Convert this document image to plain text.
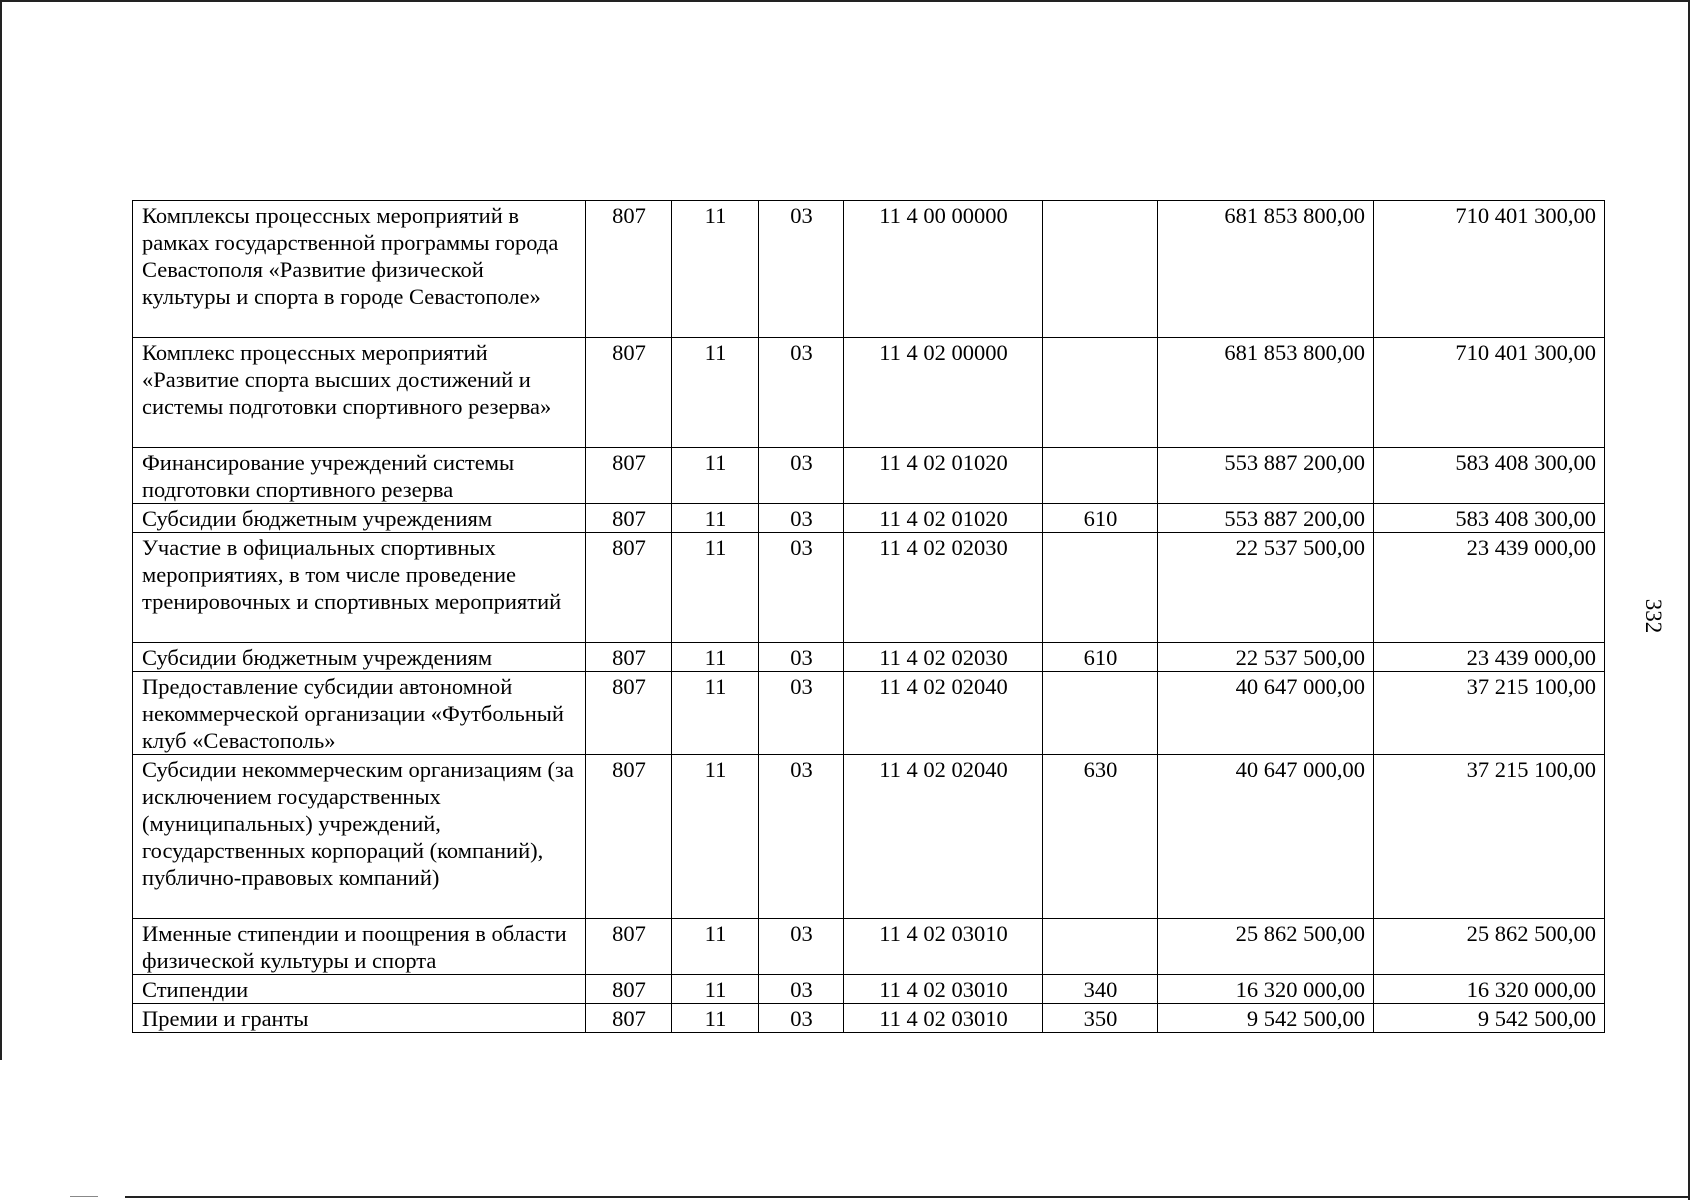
Комплексы процессных мероприятий в рамках государственной программы города Севастополя «Развитие физической культуры и спорта в городе Севастополе»	807	11	03	11 4 00 00000		681 853 800,00	710 401 300,00
Комплекс процессных мероприятий «Развитие спорта высших достижений и системы подготовки спортивного резерва»	807	11	03	11 4 02 00000		681 853 800,00	710 401 300,00
Финансирование учреждений системы подготовки спортивного резерва	807	11	03	11 4 02 01020		553 887 200,00	583 408 300,00
Субсидии бюджетным учреждениям	807	11	03	11 4 02 01020	610	553 887 200,00	583 408 300,00
Участие в официальных спортивных мероприятиях, в том числе проведение тренировочных и спортивных мероприятий	807	11	03	11 4 02 02030		22 537 500,00	23 439 000,00
Субсидии бюджетным учреждениям	807	11	03	11 4 02 02030	610	22 537 500,00	23 439 000,00
Предоставление субсидии автономной некоммерческой организации «Футбольный клуб «Севастополь»	807	11	03	11 4 02 02040		40 647 000,00	37 215 100,00
Субсидии некоммерческим организациям (за исключением государственных (муниципальных) учреждений, государственных корпораций (компаний), публично-правовых компаний)	807	11	03	11 4 02 02040	630	40 647 000,00	37 215 100,00
Именные стипендии и поощрения в области физической культуры и спорта	807	11	03	11 4 02 03010		25 862 500,00	25 862 500,00
Стипендии	807	11	03	11 4 02 03010	340	16 320 000,00	16 320 000,00
Премии и гранты	807	11	03	11 4 02 03010	350	9 542 500,00	9 542 500,00
332
